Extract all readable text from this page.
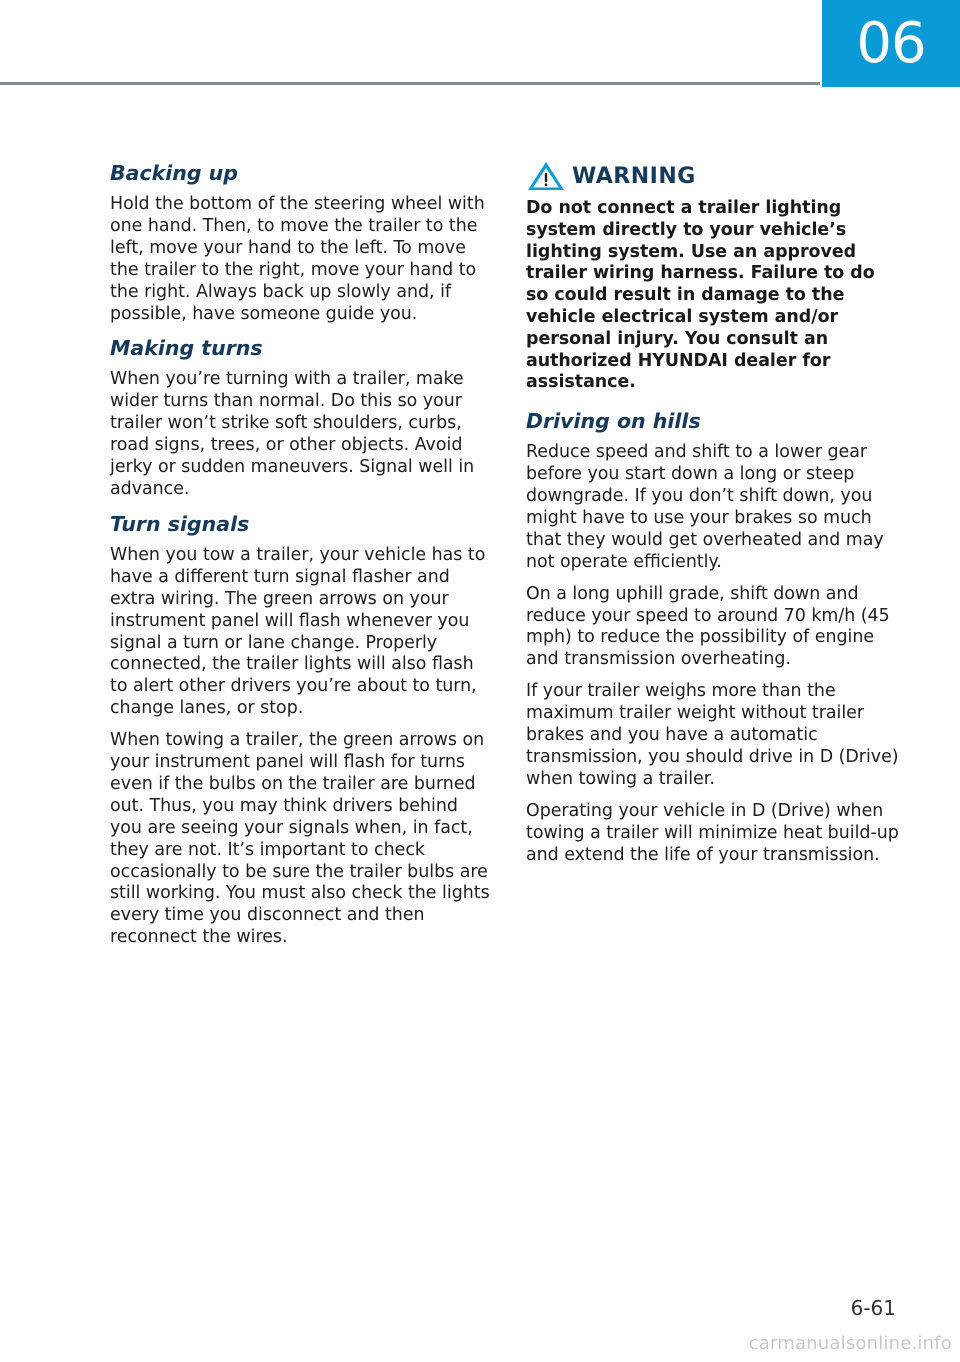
06
Backing up

Hold the bottom of the steering wheel with one hand. Then, to move the trailer to the left, move your hand to the left. To move the trailer to the right, move your hand to the right. Always back up slowly and, if possible, have someone guide you.

Making turns

When you’re turning with a trailer, make wider turns than normal. Do this so your trailer won’t strike soft shoulders, curbs, road signs, trees, or other objects. Avoid jerky or sudden maneuvers. Signal well in advance.

Turn signals

When you tow a trailer, your vehicle has to have a different turn signal flasher and extra wiring. The green arrows on your instrument panel will flash whenever you signal a turn or lane change. Properly connected, the trailer lights will also flash to alert other drivers you’re about to turn, change lanes, or stop.

When towing a trailer, the green arrows on your instrument panel will flash for turns even if the bulbs on the trailer are burned out. Thus, you may think drivers behind you are seeing your signals when, in fact, they are not. It’s important to check occasionally to be sure the trailer bulbs are still working. You must also check the lights every time you disconnect and then reconnect the wires.

WARNING

Do not connect a trailer lighting system directly to your vehicle’s lighting system. Use an approved trailer wiring harness. Failure to do so could result in damage to the vehicle electrical system and/or personal injury. You consult an authorized HYUNDAI dealer for assistance.

Driving on hills

Reduce speed and shift to a lower gear before you start down a long or steep downgrade. If you don’t shift down, you might have to use your brakes so much that they would get overheated and may not operate efficiently.

On a long uphill grade, shift down and reduce your speed to around 70 km/h (45 mph) to reduce the possibility of engine and transmission overheating.

If your trailer weighs more than the maximum trailer weight without trailer brakes and you have a automatic transmission, you should drive in D (Drive) when towing a trailer.

Operating your vehicle in D (Drive) when towing a trailer will minimize heat build-up and extend the life of your transmission.

6-61
carmanualsonline.info
